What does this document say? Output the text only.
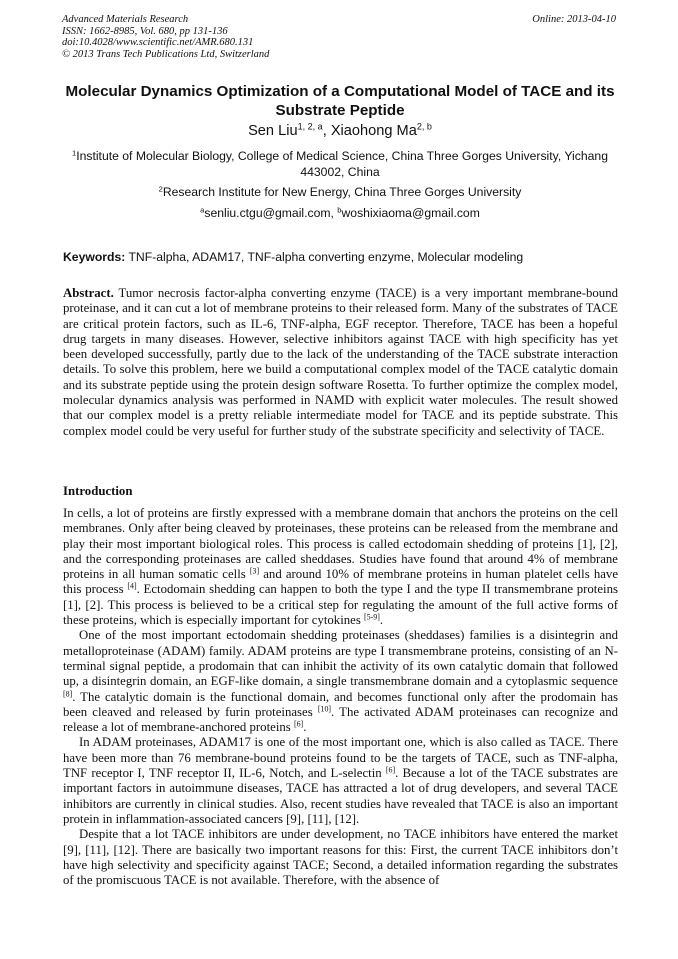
Advanced Materials Research
ISSN: 1662-8985, Vol. 680, pp 131-136
doi:10.4028/www.scientific.net/AMR.680.131
© 2013 Trans Tech Publications Ltd, Switzerland
Online: 2013-04-10
Molecular Dynamics Optimization of a Computational Model of TACE and its Substrate Peptide
Sen Liu$^{1, 2, a}$, Xiaohong Ma$^{2, b}$
$^1$Institute of Molecular Biology, College of Medical Science, China Three Gorges University, Yichang 443002, China
$^2$Research Institute for New Energy, China Three Gorges University
$^a$senliu.ctgu@gmail.com, $^b$woshixiaoma@gmail.com
Keywords: TNF-alpha, ADAM17, TNF-alpha converting enzyme, Molecular modeling
Abstract. Tumor necrosis factor-alpha converting enzyme (TACE) is a very important membrane-bound proteinase, and it can cut a lot of membrane proteins to their released form. Many of the substrates of TACE are critical protein factors, such as IL-6, TNF-alpha, EGF receptor. Therefore, TACE has been a hopeful drug targets in many diseases. However, selective inhibitors against TACE with high specificity has yet been developed successfully, partly due to the lack of the understanding of the TACE substrate interaction details. To solve this problem, here we build a computational complex model of the TACE catalytic domain and its substrate peptide using the protein design software Rosetta. To further optimize the complex model, molecular dynamics analysis was performed in NAMD with explicit water molecules. The result showed that our complex model is a pretty reliable intermediate model for TACE and its peptide substrate. This complex model could be very useful for further study of the substrate specificity and selectivity of TACE.
Introduction

In cells, a lot of proteins are firstly expressed with a membrane domain that anchors the proteins on the cell membranes. Only after being cleaved by proteinases, these proteins can be released from the membrane and play their most important biological roles. This process is called ectodomain shedding of proteins [1], [2], and the corresponding proteinases are called sheddases. Studies have found that around 4% of membrane proteins in all human somatic cells [3] and around 10% of membrane proteins in human platelet cells have this process [4]. Ectodomain shedding can happen to both the type I and the type II transmembrane proteins [1], [2]. This process is believed to be a critical step for regulating the amount of the full active forms of these proteins, which is especially important for cytokines [5-9].

One of the most important ectodomain shedding proteinases (sheddases) families is a disintegrin and metalloproteinase (ADAM) family. ADAM proteins are type I transmembrane proteins, consisting of an N-terminal signal peptide, a prodomain that can inhibit the activity of its own catalytic domain that followed up, a disintegrin domain, an EGF-like domain, a single transmembrane domain and a cytoplasmic sequence [8]. The catalytic domain is the functional domain, and becomes functional only after the prodomain has been cleaved and released by furin proteinases [10]. The activated ADAM proteinases can recognize and release a lot of membrane-anchored proteins [6].

In ADAM proteinases, ADAM17 is one of the most important one, which is also called as TACE. There have been more than 76 membrane-bound proteins found to be the targets of TACE, such as TNF-alpha, TNF receptor I, TNF receptor II, IL-6, Notch, and L-selectin [6]. Because a lot of the TACE substrates are important factors in autoimmune diseases, TACE has attracted a lot of drug developers, and several TACE inhibitors are currently in clinical studies. Also, recent studies have revealed that TACE is also an important protein in inflammation-associated cancers [9], [11], [12].

Despite that a lot TACE inhibitors are under development, no TACE inhibitors have entered the market [9], [11], [12]. There are basically two important reasons for this: First, the current TACE inhibitors don’t have high selectivity and specificity against TACE; Second, a detailed information regarding the substrates of the promiscuous TACE is not available. Therefore, with the absence of
